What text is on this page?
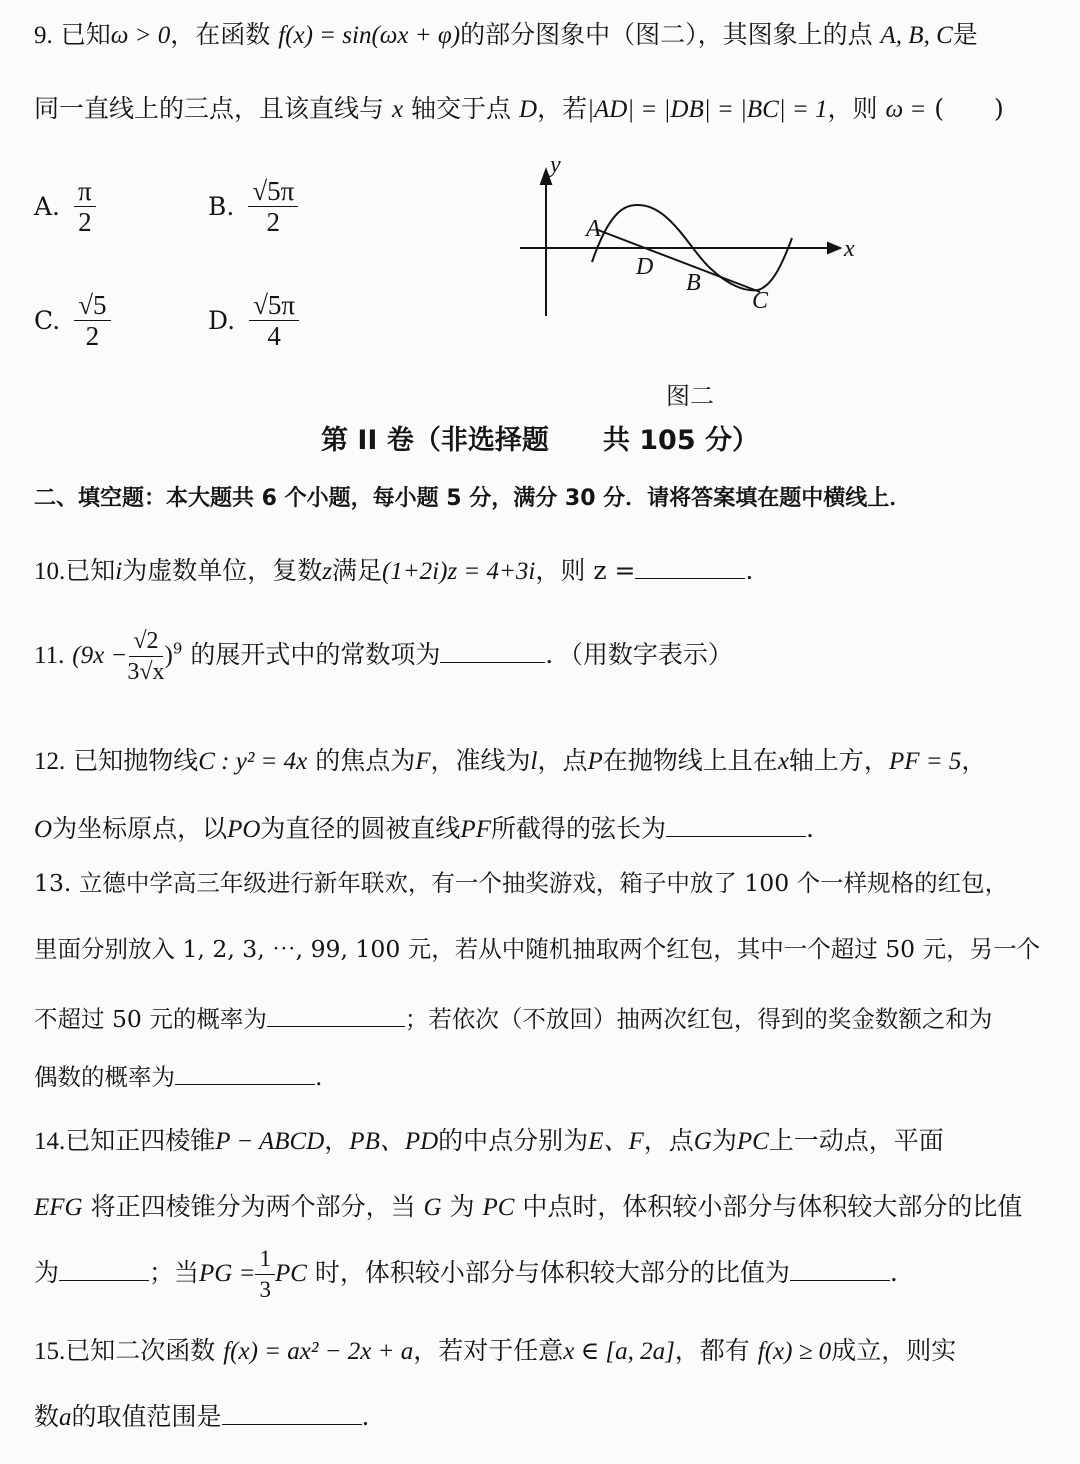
9. 已知ω > 0，在函数 f(x) = sin(ωx + φ)的部分图象中（图二），其图象上的点 A, B, C是
同一直线上的三点，且该直线与 x 轴交于点 D，若|AD| = |DB| = |BC| = 1，则 ω = (　　)
A. $\frac{\pi}{2}$	B. $\frac{√5\pi}{2}$
C. $\frac{√5}{2}$	D. $\frac{√5\pi}{4}$
y
x
A
D
B
C
图二
第 II 卷（非选择题　　共 105 分）
二、填空题：本大题共 6 个小题，每小题 5 分，满分 30 分．请将答案填在题中横线上．
10.已知i为虚数单位，复数z满足(1+2i)z = 4+3i，则 z =	.
11. $(9x - \frac{√2}{3√x} )^9$ 的展开式中的常数项为	．（用数字表示）
12. 已知抛物线C : y² = 4x 的焦点为F，准线为l，点P在抛物线上且在x轴上方，PF = 5，
O为坐标原点，以PO为直径的圆被直线PF所截得的弦长为	.
13. 立德中学高三年级进行新年联欢，有一个抽奖游戏，箱子中放了 100 个一样规格的红包，
里面分别放入 1, 2, 3, ⋯, 99, 100 元，若从中随机抽取两个红包，其中一个超过 50 元，另一个
不超过 50 元的概率为	；若依次（不放回）抽两次红包，得到的奖金数额之和为
偶数的概率为	.
14.已知正四棱锥P − ABCD，PB、PD的中点分别为E、F，点G为PC上一动点，平面
EFG 将正四棱锥分为两个部分，当 G 为 PC 中点时，体积较小部分与体积较大部分的比值
为	；当PG = $\frac{1}{3}$ PC 时，体积较小部分与体积较大部分的比值为	.
15.已知二次函数 f(x) = ax² − 2x + a，若对于任意x ∈ [a, 2a]，都有 f(x) ≥ 0成立，则实
数a的取值范围是	.
